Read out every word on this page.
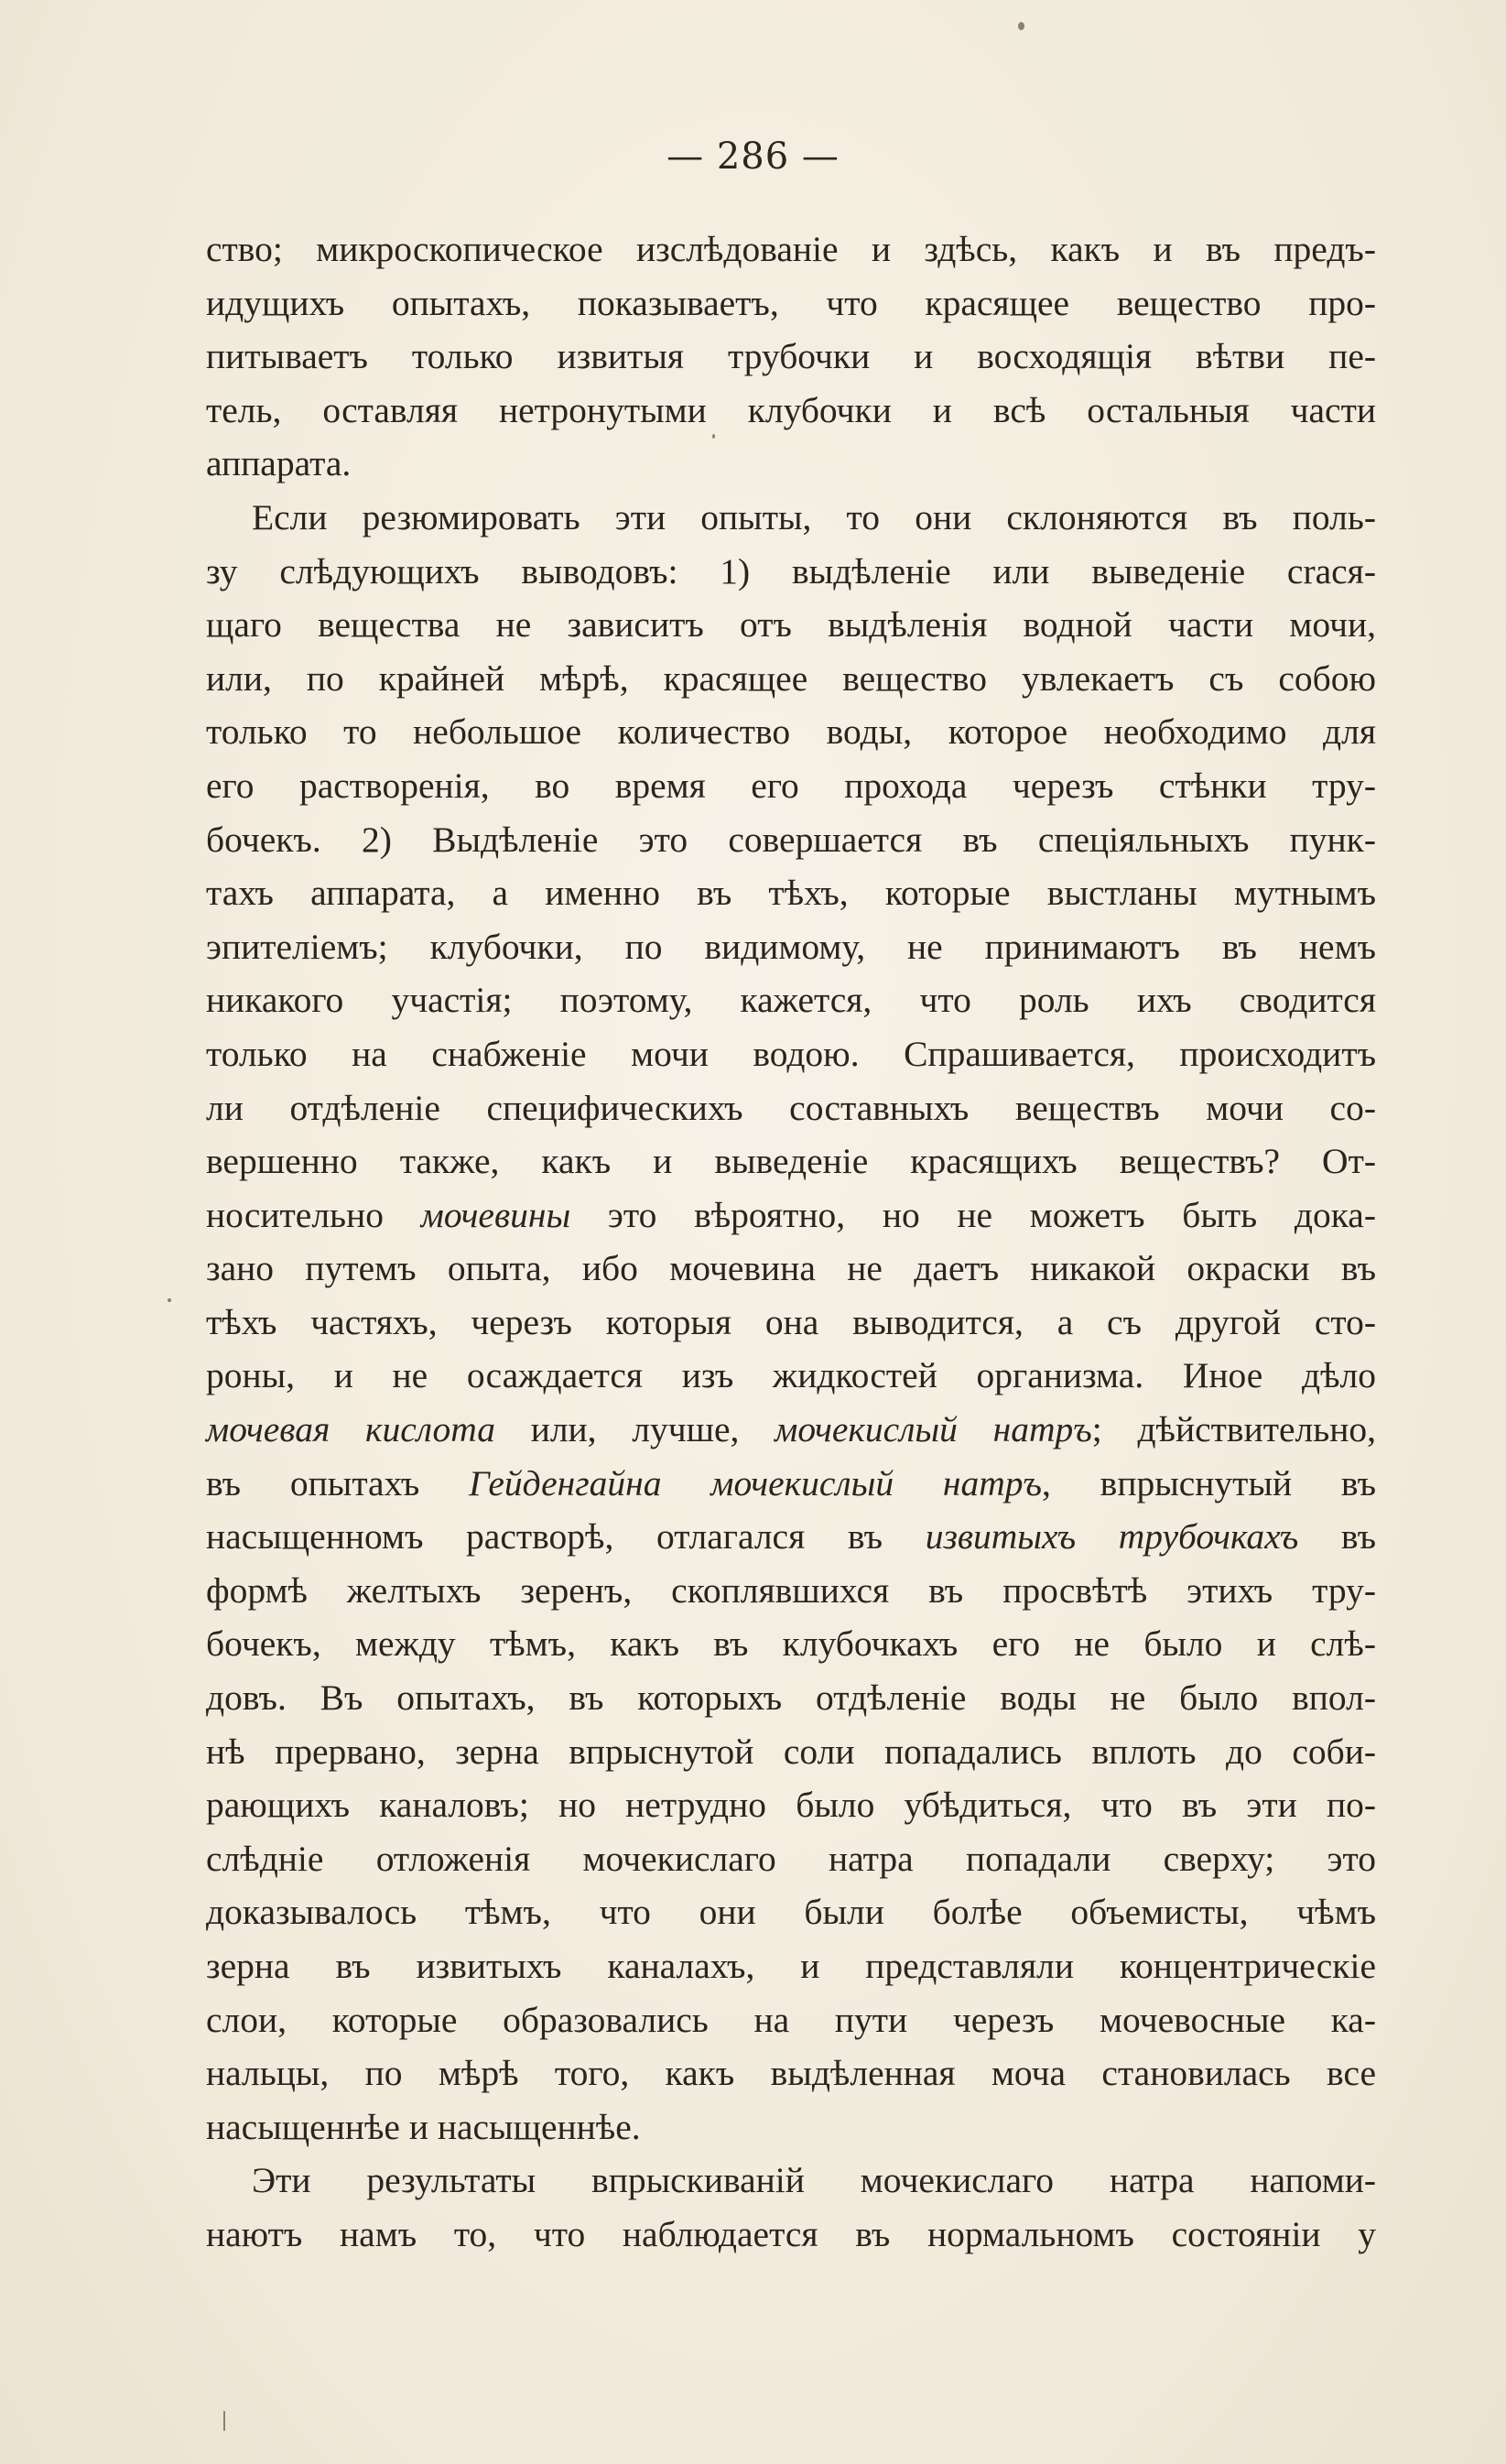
— 286 —
ство; микроскопическое изслѣдованіе и здѣсь, какъ и въ предъ-
идущихъ опытахъ, показываетъ, что красящее вещество про-
питываетъ только извитыя трубочки и восходящія вѣтви пе-
тель, оставляя нетронутыми клубочки и всѣ остальныя части
аппарата.
Если резюмировать эти опыты, то они склоняются въ поль-
зу слѣдующихъ выводовъ: 1) выдѣленіе или выведеніе craся-
щаго вещества не зависитъ отъ выдѣленія водной части мочи,
или, по крайней мѣрѣ, красящее вещество увлекаетъ съ собою
только то небольшое количество воды, которое необходимо для
его растворенія, во время его прохода черезъ стѣнки тру-
бочекъ. 2) Выдѣленіе это совершается въ спеціяльныхъ пунк-
тахъ аппарата, а именно въ тѣхъ, которые выстланы мутнымъ
эпителіемъ; клубочки, по видимому, не принимаютъ въ немъ
никакого участія; поэтому, кажется, что роль ихъ сводится
только на снабженіе мочи водою. Спрашивается, происходитъ
ли отдѣленіе специфическихъ составныхъ веществъ мочи со-
вершенно также, какъ и выведеніе красящихъ веществъ? От-
носительно мочевины это вѣроятно, но не можетъ быть дока-
зано путемъ опыта, ибо мочевина не даетъ никакой окраски въ
тѣхъ частяхъ, черезъ которыя она выводится, а съ другой сто-
роны, и не осаждается изъ жидкостей организма. Иное дѣло
мочевая кислота или, лучше, мочекислый натръ; дѣйствительно,
въ опытахъ Гейденгайна мочекислый натръ, впрыснутый въ
насыщенномъ растворѣ, отлагался въ извитыхъ трубочкахъ въ
формѣ желтыхъ зеренъ, скоплявшихся въ просвѣтѣ этихъ тру-
бочекъ, между тѣмъ, какъ въ клубочкахъ его не было и слѣ-
довъ. Въ опытахъ, въ которыхъ отдѣленіе воды не было впол-
нѣ прервано, зерна впрыснутой соли попадались вплоть до соби-
рающихъ каналовъ; но нетрудно было убѣдиться, что въ эти по-
слѣдніе отложенія мочекислаго натра попадали сверху; это
доказывалось тѣмъ, что они были болѣе объемисты, чѣмъ
зерна въ извитыхъ каналахъ, и представляли концентрическіе
слои, которые образовались на пути черезъ мочевосные ка-
нальцы, по мѣрѣ того, какъ выдѣленная моча становилась все
насыщеннѣе и насыщеннѣе.
Эти результаты впрыскиваній мочекислаго натра напоми-
наютъ намъ то, что наблюдается въ нормальномъ состояніи у
